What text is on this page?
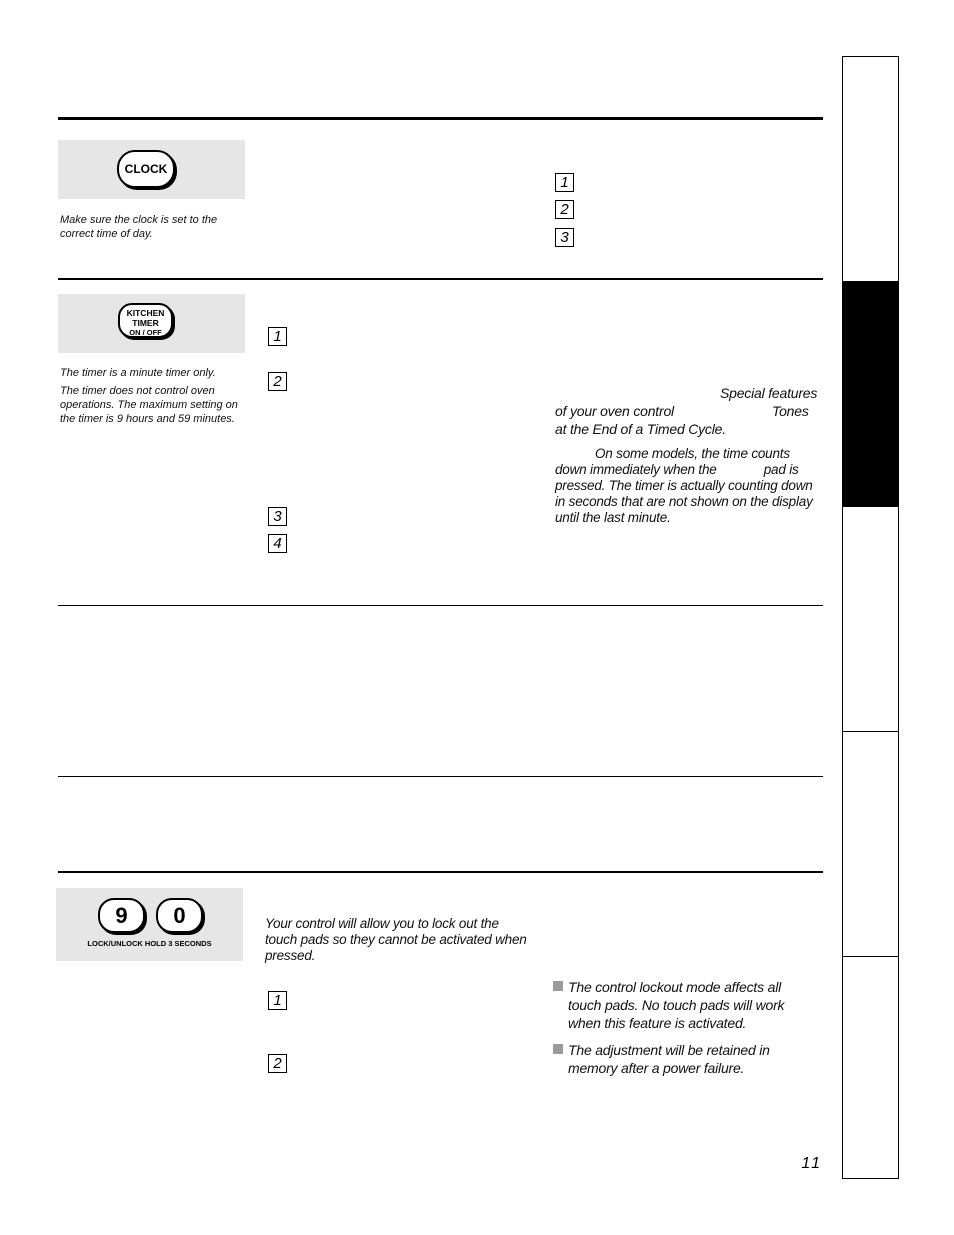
CLOCK
Make sure the clock is set to the correct time of day.
1
2
3
KITCHEN
TIMER
ON / OFF
The timer is a minute timer only.
The timer does not control oven operations. The maximum setting on the timer is 9 hours and 59 minutes.
1
2
3
4
Special features
of your oven control	Tones
at the End of a Timed Cycle.
On some models, the time counts down immediately when the	pad is pressed. The timer is actually counting down in seconds that are not shown on the display until the last minute.
9	0
LOCK/UNLOCK HOLD 3 SECONDS
Your control will allow you to lock out the touch pads so they cannot be activated when pressed.
1
2
The control lockout mode affects all touch pads. No touch pads will work when this feature is activated.
The adjustment will be retained in memory after a power failure.
11
